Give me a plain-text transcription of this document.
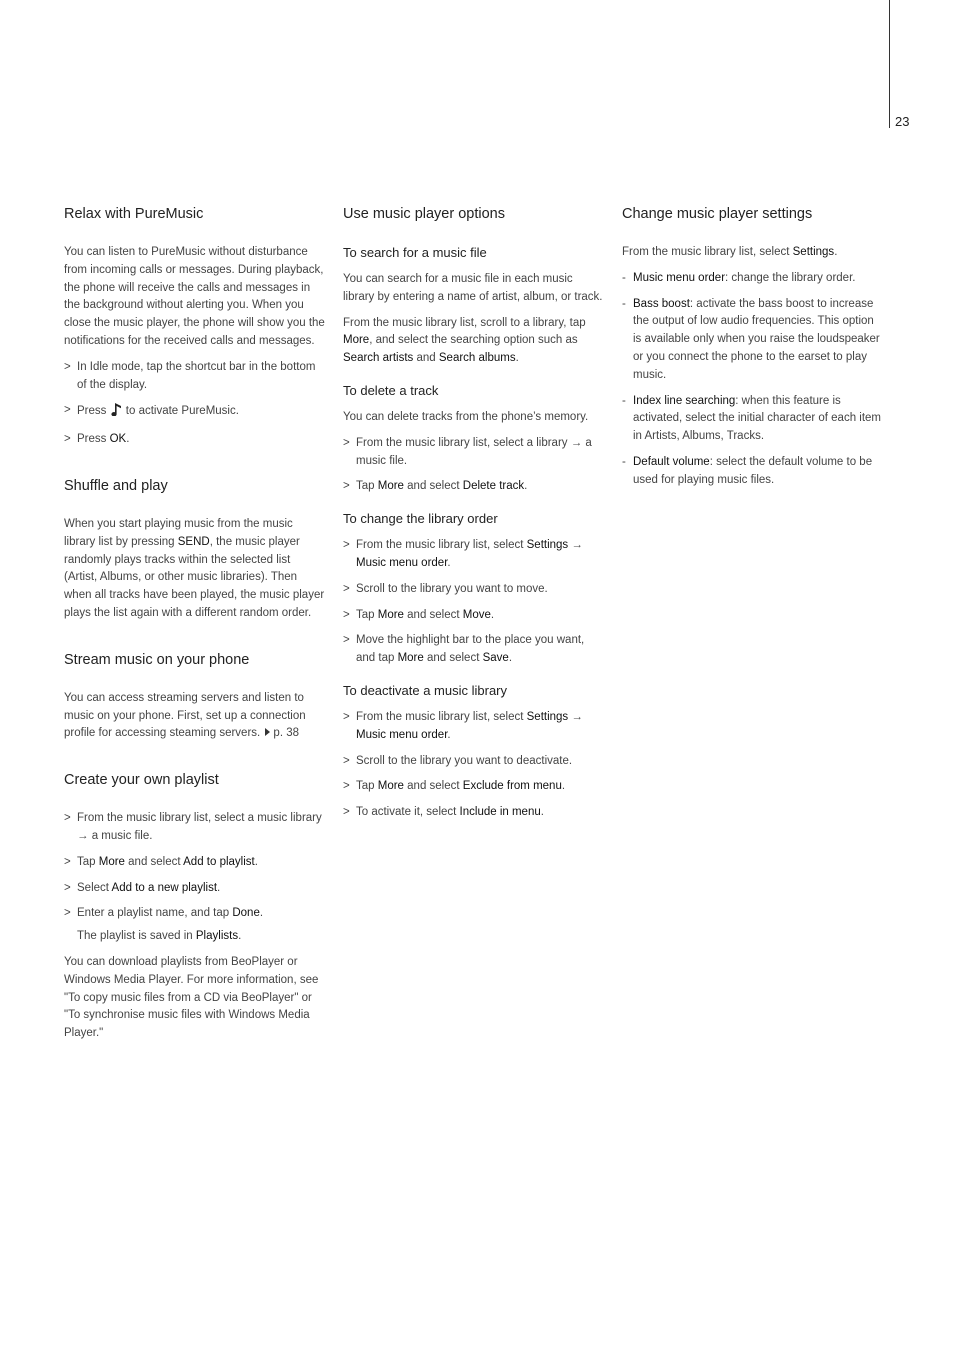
23
Relax with PureMusic

You can listen to PureMusic without disturbance from incoming calls or messages. During playback, the phone will receive the calls and messages in the background without alerting you. When you close the music player, the phone will show you the notifications for the received calls and messages.

> In Idle mode, tap the shortcut bar in the bottom of the display.
> Press  to activate PureMusic.
> Press OK.
Shuffle and play

When you start playing music from the music library list by pressing SEND, the music player randomly plays tracks within the selected list (Artist, Albums, or other music libraries). Then when all tracks have been played, the music player plays the list again with a different random order.

Stream music on your phone

You can access streaming servers and listen to music on your phone. First, set up a connection profile for accessing steaming servers. p. 38

Create your own playlist
> From the music library list, select a music library → a music file.
> Tap More and select Add to playlist.
> Select Add to a new playlist.
> Enter a playlist name, and tap Done.
The playlist is saved in Playlists.

You can download playlists from BeoPlayer or Windows Media Player. For more information, see "To copy music files from a CD via BeoPlayer" or "To synchronise music files with Windows Media Player."

Use music player options
To search for a music file

You can search for a music file in each music library by entering a name of artist, album, or track.

From the music library list, scroll to a library, tap More, and select the searching option such as Search artists and Search albums.

To delete a track

You can delete tracks from the phone’s memory.

> From the music library list, select a library → a music file.
> Tap More and select Delete track.
To change the library order
> From the music library list, select Settings → Music menu order.
> Scroll to the library you want to move.
> Tap More and select Move.
> Move the highlight bar to the place you want, and tap More and select Save.
To deactivate a music library
> From the music library list, select Settings → Music menu order.
> Scroll to the library you want to deactivate.
> Tap More and select Exclude from menu.
> To activate it, select Include in menu.
Change music player settings

From the music library list, select Settings.

- Music menu order: change the library order.
- Bass boost: activate the bass boost to increase the output of low audio frequencies. This option is available only when you raise the loudspeaker or you connect the phone to the earset to play music.
- Index line searching: when this feature is activated, select the initial character of each item in Artists, Albums, Tracks.
- Default volume: select the default volume to be used for playing music files.
